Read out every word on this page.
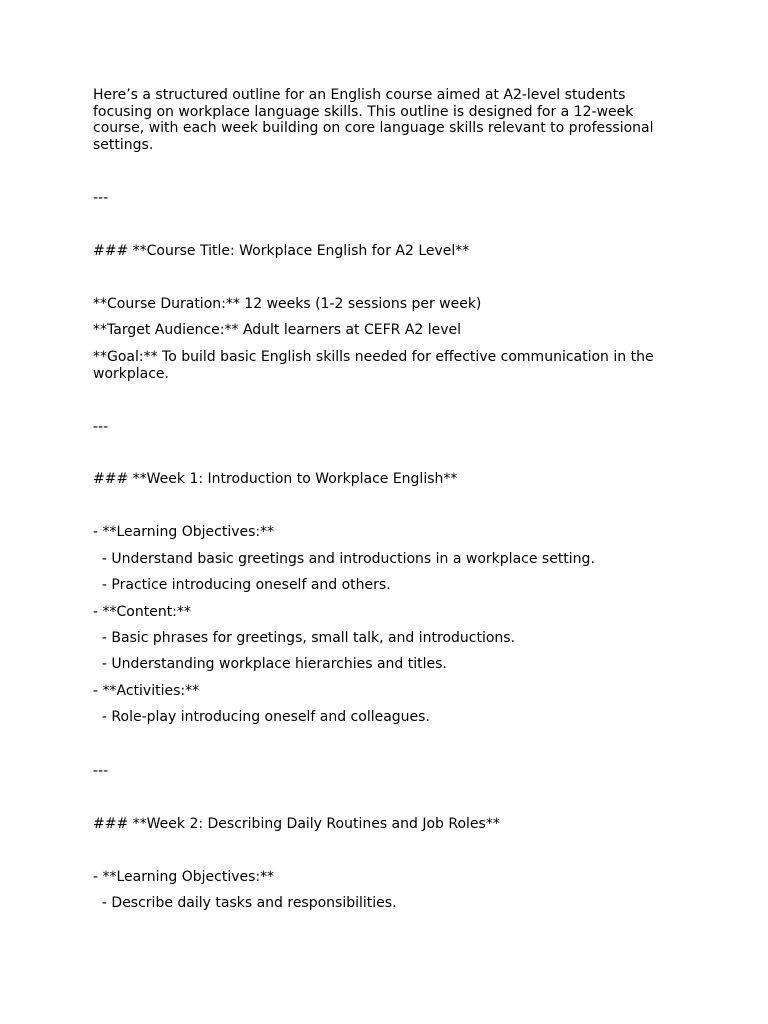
Here’s a structured outline for an English course aimed at A2-level students focusing on workplace language skills. This outline is designed for a 12-week course, with each week building on core language skills relevant to professional settings.

---

### **Course Title: Workplace English for A2 Level**

**Course Duration:** 12 weeks (1-2 sessions per week)

**Target Audience:** Adult learners at CEFR A2 level

**Goal:** To build basic English skills needed for effective communication in the workplace.

---

### **Week 1: Introduction to Workplace English**

- **Learning Objectives:**

- Understand basic greetings and introductions in a workplace setting.

- Practice introducing oneself and others.

- **Content:**

- Basic phrases for greetings, small talk, and introductions.

- Understanding workplace hierarchies and titles.

- **Activities:**

- Role-play introducing oneself and colleagues.

---

### **Week 2: Describing Daily Routines and Job Roles**

- **Learning Objectives:**

- Describe daily tasks and responsibilities.
